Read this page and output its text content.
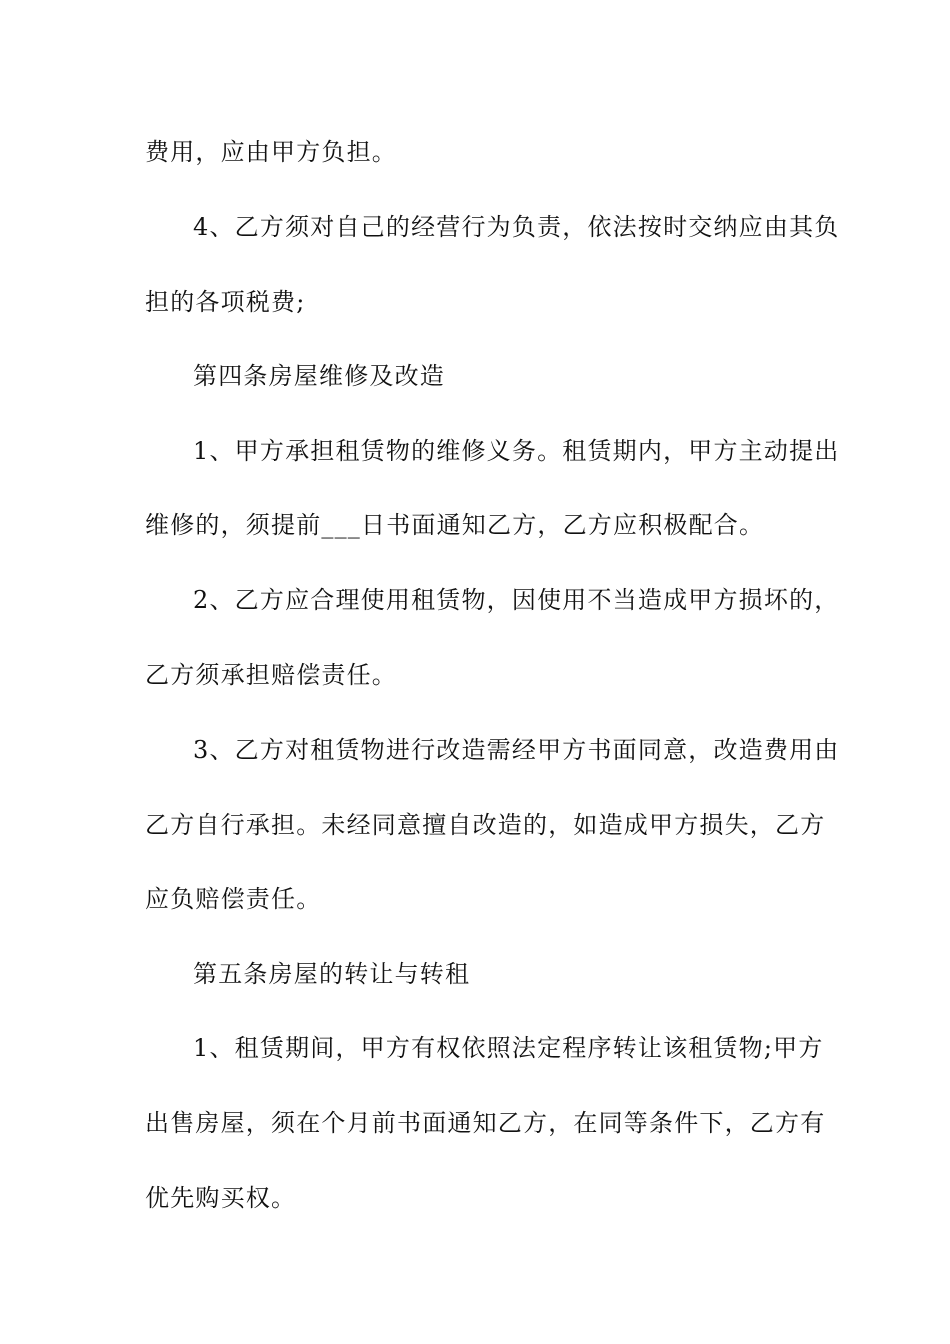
费用，应由甲方负担。
4、乙方须对自己的经营行为负责，依法按时交纳应由其负
担的各项税费;
第四条房屋维修及改造
1、甲方承担租赁物的维修义务。租赁期内，甲方主动提出
维修的，须提前___日书面通知乙方，乙方应积极配合。
2、乙方应合理使用租赁物，因使用不当造成甲方损坏的，
乙方须承担赔偿责任。
3、乙方对租赁物进行改造需经甲方书面同意，改造费用由
乙方自行承担。未经同意擅自改造的，如造成甲方损失，乙方
应负赔偿责任。
第五条房屋的转让与转租
1、租赁期间，甲方有权依照法定程序转让该租赁物;甲方
出售房屋，须在个月前书面通知乙方，在同等条件下，乙方有
优先购买权。
